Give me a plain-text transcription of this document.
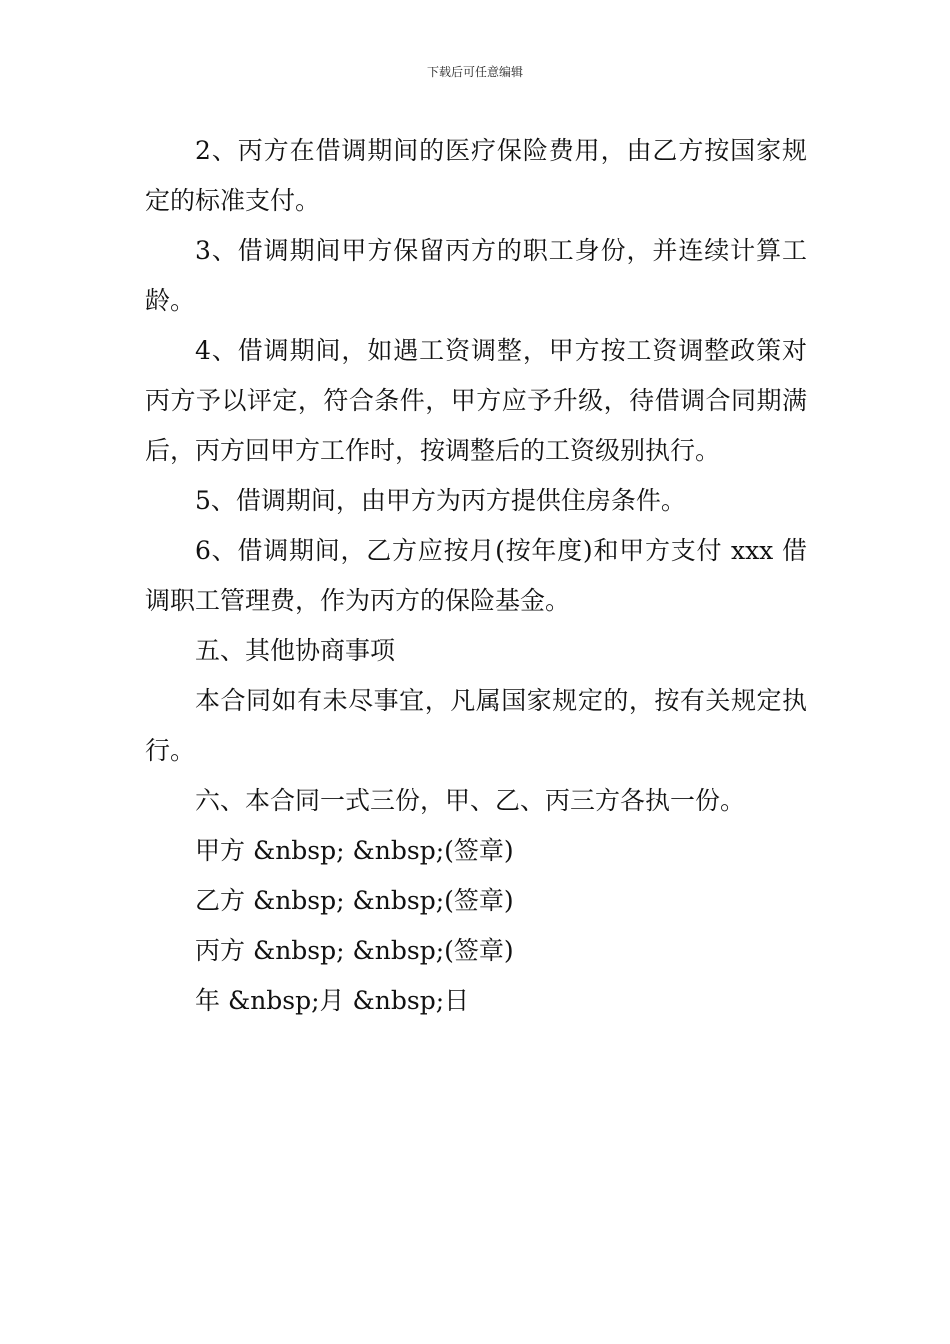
下载后可任意编辑

2、丙方在借调期间的医疗保险费用，由乙方按国家规定的标准支付。

3、借调期间甲方保留丙方的职工身份，并连续计算工龄。

4、借调期间，如遇工资调整，甲方按工资调整政策对丙方予以评定，符合条件，甲方应予升级，待借调合同期满后，丙方回甲方工作时，按调整后的工资级别执行。

5、借调期间，由甲方为丙方提供住房条件。

6、借调期间，乙方应按月(按年度)和甲方支付 xxx 借调职工管理费，作为丙方的保险基金。

五、其他协商事项

本合同如有未尽事宜，凡属国家规定的，按有关规定执行。

六、本合同一式三份，甲、乙、丙三方各执一份。

甲方 &nbsp; &nbsp;(签章)

乙方 &nbsp; &nbsp;(签章)

丙方 &nbsp; &nbsp;(签章)

年 &nbsp;月 &nbsp;日
